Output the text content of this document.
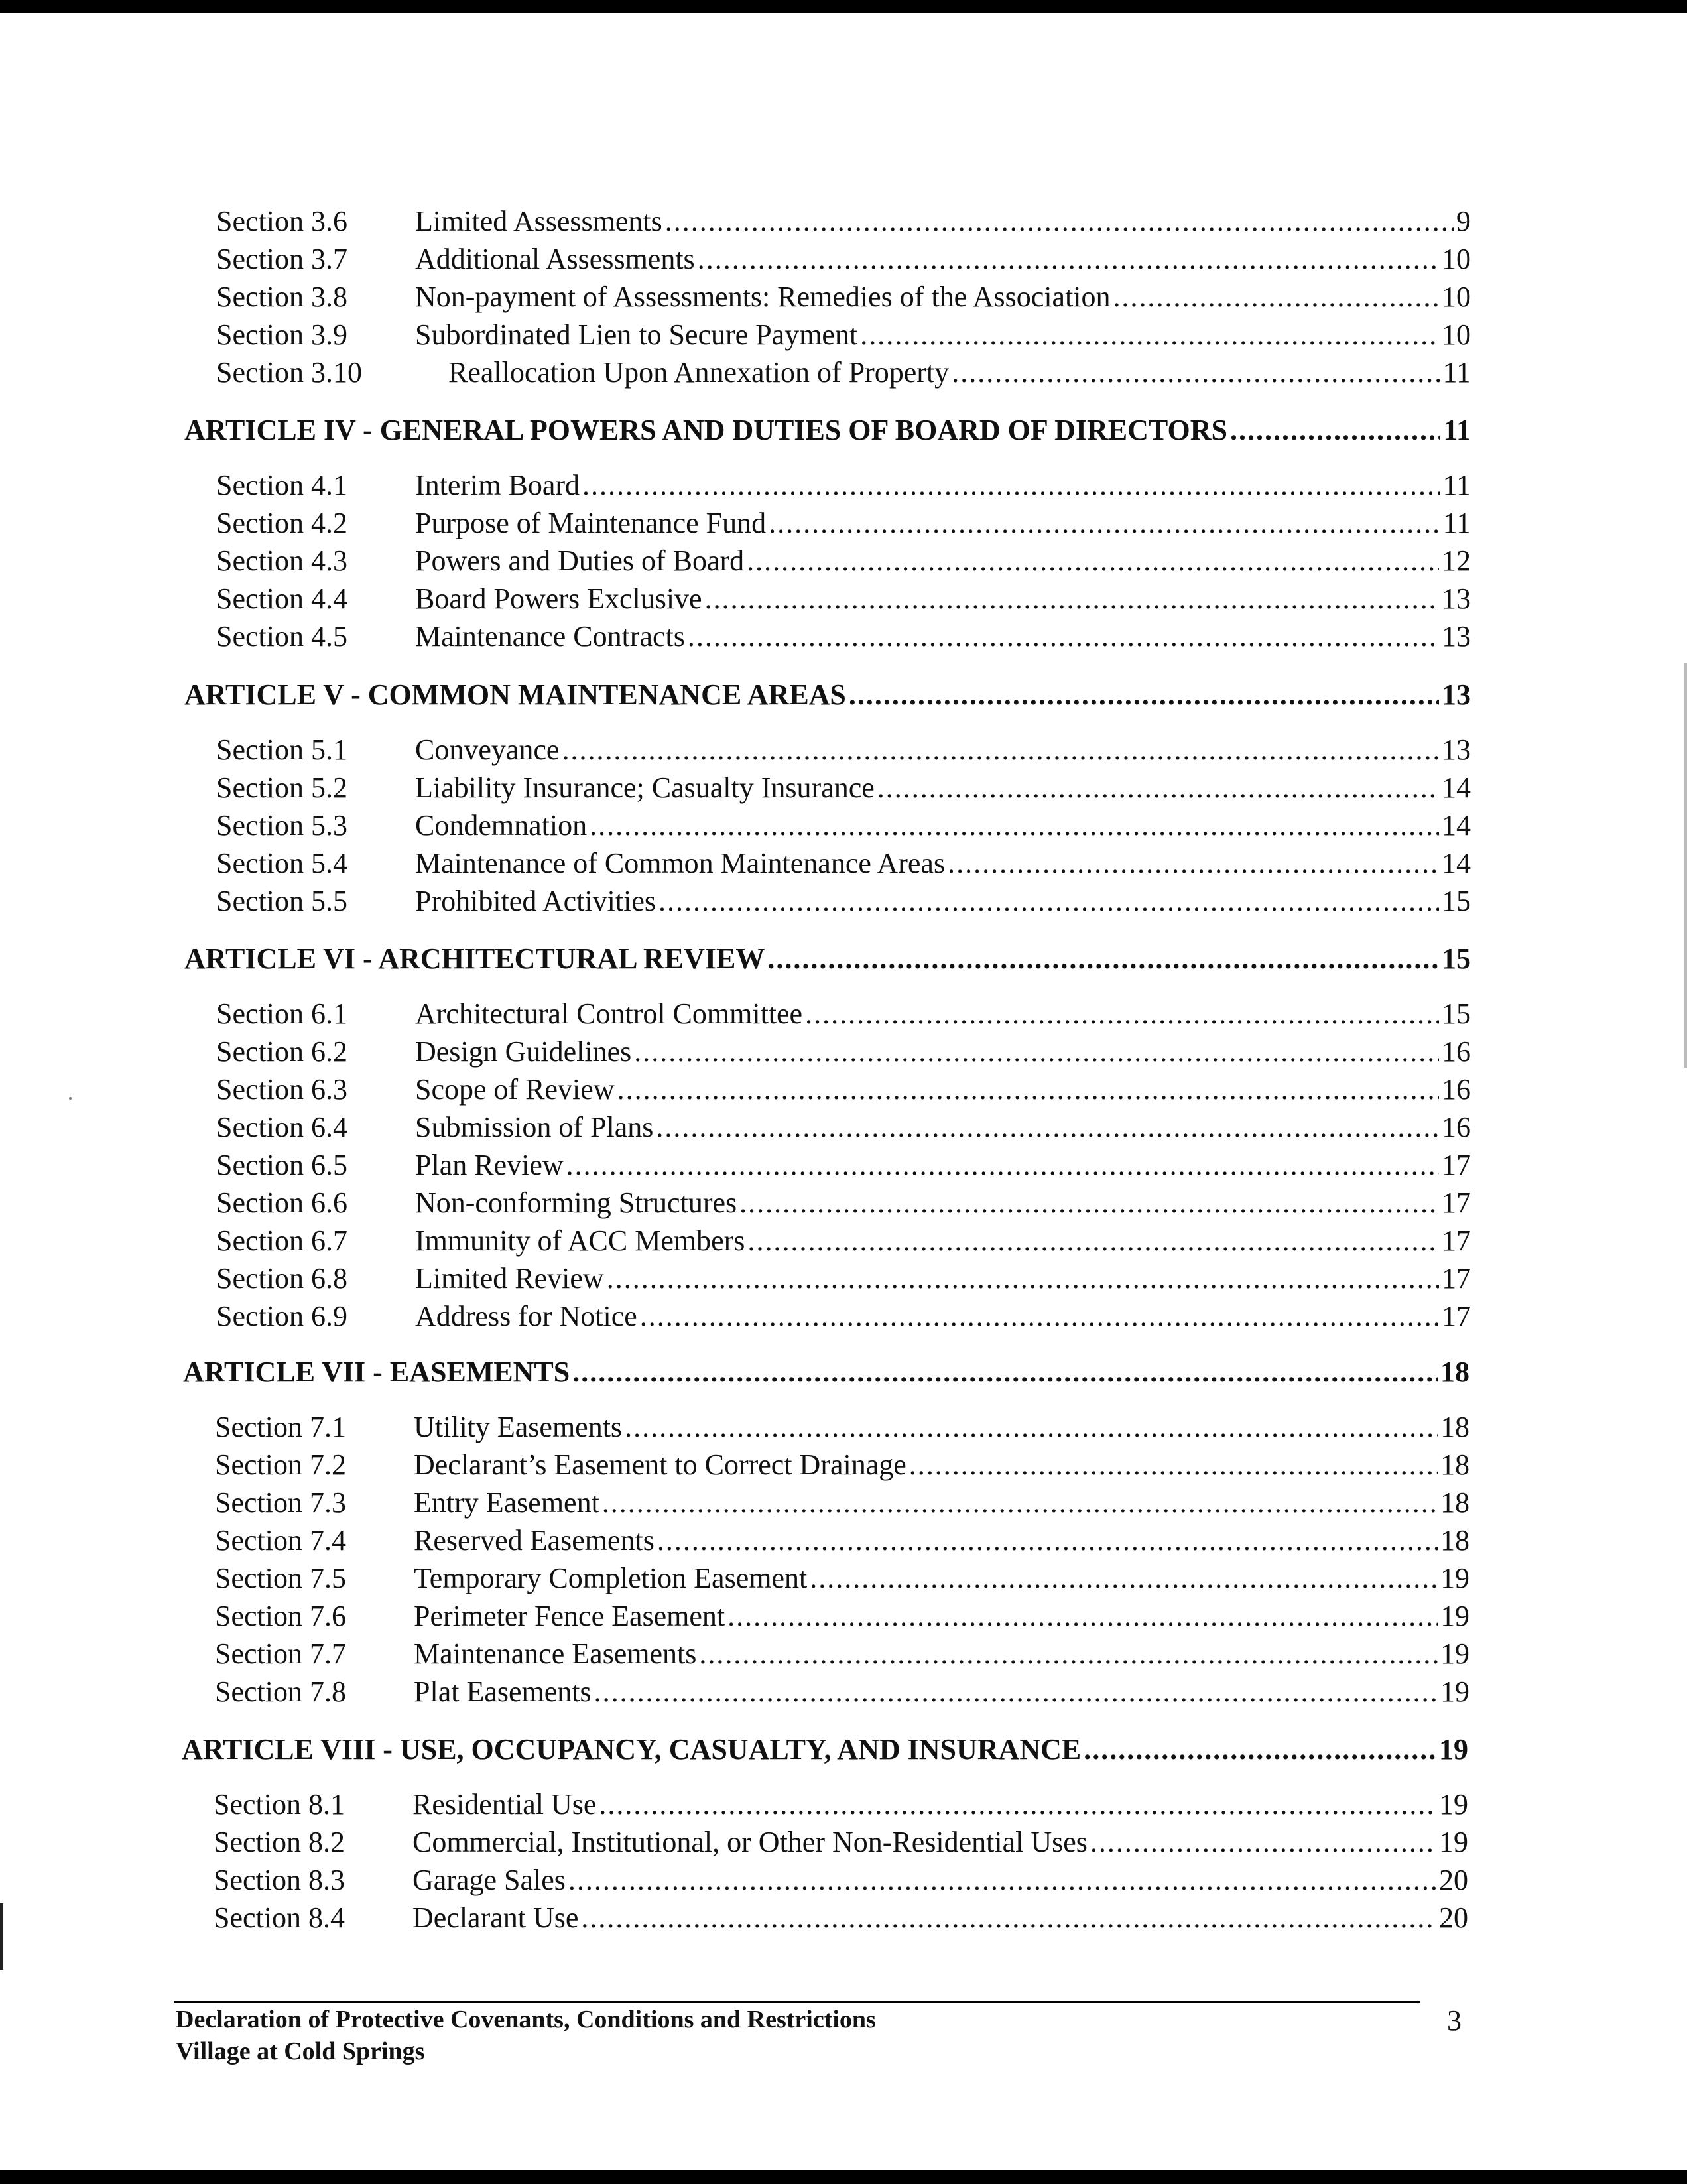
Section 3.6	Limited Assessments .....	9
Section 3.7	Additional Assessments .....	10
Section 3.8	Non-payment of Assessments: Remedies of the Association .....	10
Section 3.9	Subordinated Lien to Secure Payment .....	10
Section 3.10	Reallocation Upon Annexation of Property .....	11
ARTICLE IV - GENERAL POWERS AND DUTIES OF BOARD OF DIRECTORS .....	11
Section 4.1	Interim Board .....	11
Section 4.2	Purpose of Maintenance Fund .....	11
Section 4.3	Powers and Duties of Board .....	12
Section 4.4	Board Powers Exclusive .....	13
Section 4.5	Maintenance Contracts .....	13
ARTICLE V - COMMON MAINTENANCE AREAS .....	13
Section 5.1	Conveyance .....	13
Section 5.2	Liability Insurance; Casualty Insurance .....	14
Section 5.3	Condemnation .....	14
Section 5.4	Maintenance of Common Maintenance Areas .....	14
Section 5.5	Prohibited Activities .....	15
ARTICLE VI - ARCHITECTURAL REVIEW .....	15
Section 6.1	Architectural Control Committee .....	15
Section 6.2	Design Guidelines .....	16
Section 6.3	Scope of Review .....	16
Section 6.4	Submission of Plans .....	16
Section 6.5	Plan Review .....	17
Section 6.6	Non-conforming Structures .....	17
Section 6.7	Immunity of ACC Members .....	17
Section 6.8	Limited Review .....	17
Section 6.9	Address for Notice .....	17
ARTICLE VII - EASEMENTS .....	18
Section 7.1	Utility Easements .....	18
Section 7.2	Declarant’s Easement to Correct Drainage .....	18
Section 7.3	Entry Easement .....	18
Section 7.4	Reserved Easements .....	18
Section 7.5	Temporary Completion Easement .....	19
Section 7.6	Perimeter Fence Easement .....	19
Section 7.7	Maintenance Easements .....	19
Section 7.8	Plat Easements .....	19
ARTICLE VIII - USE, OCCUPANCY, CASUALTY, AND INSURANCE .....	19
Section 8.1	Residential Use .....	19
Section 8.2	Commercial, Institutional, or Other Non-Residential Uses .....	19
Section 8.3	Garage Sales .....	20
Section 8.4	Declarant Use .....	20
Declaration of Protective Covenants, Conditions and Restrictions
Village at Cold Springs
3
